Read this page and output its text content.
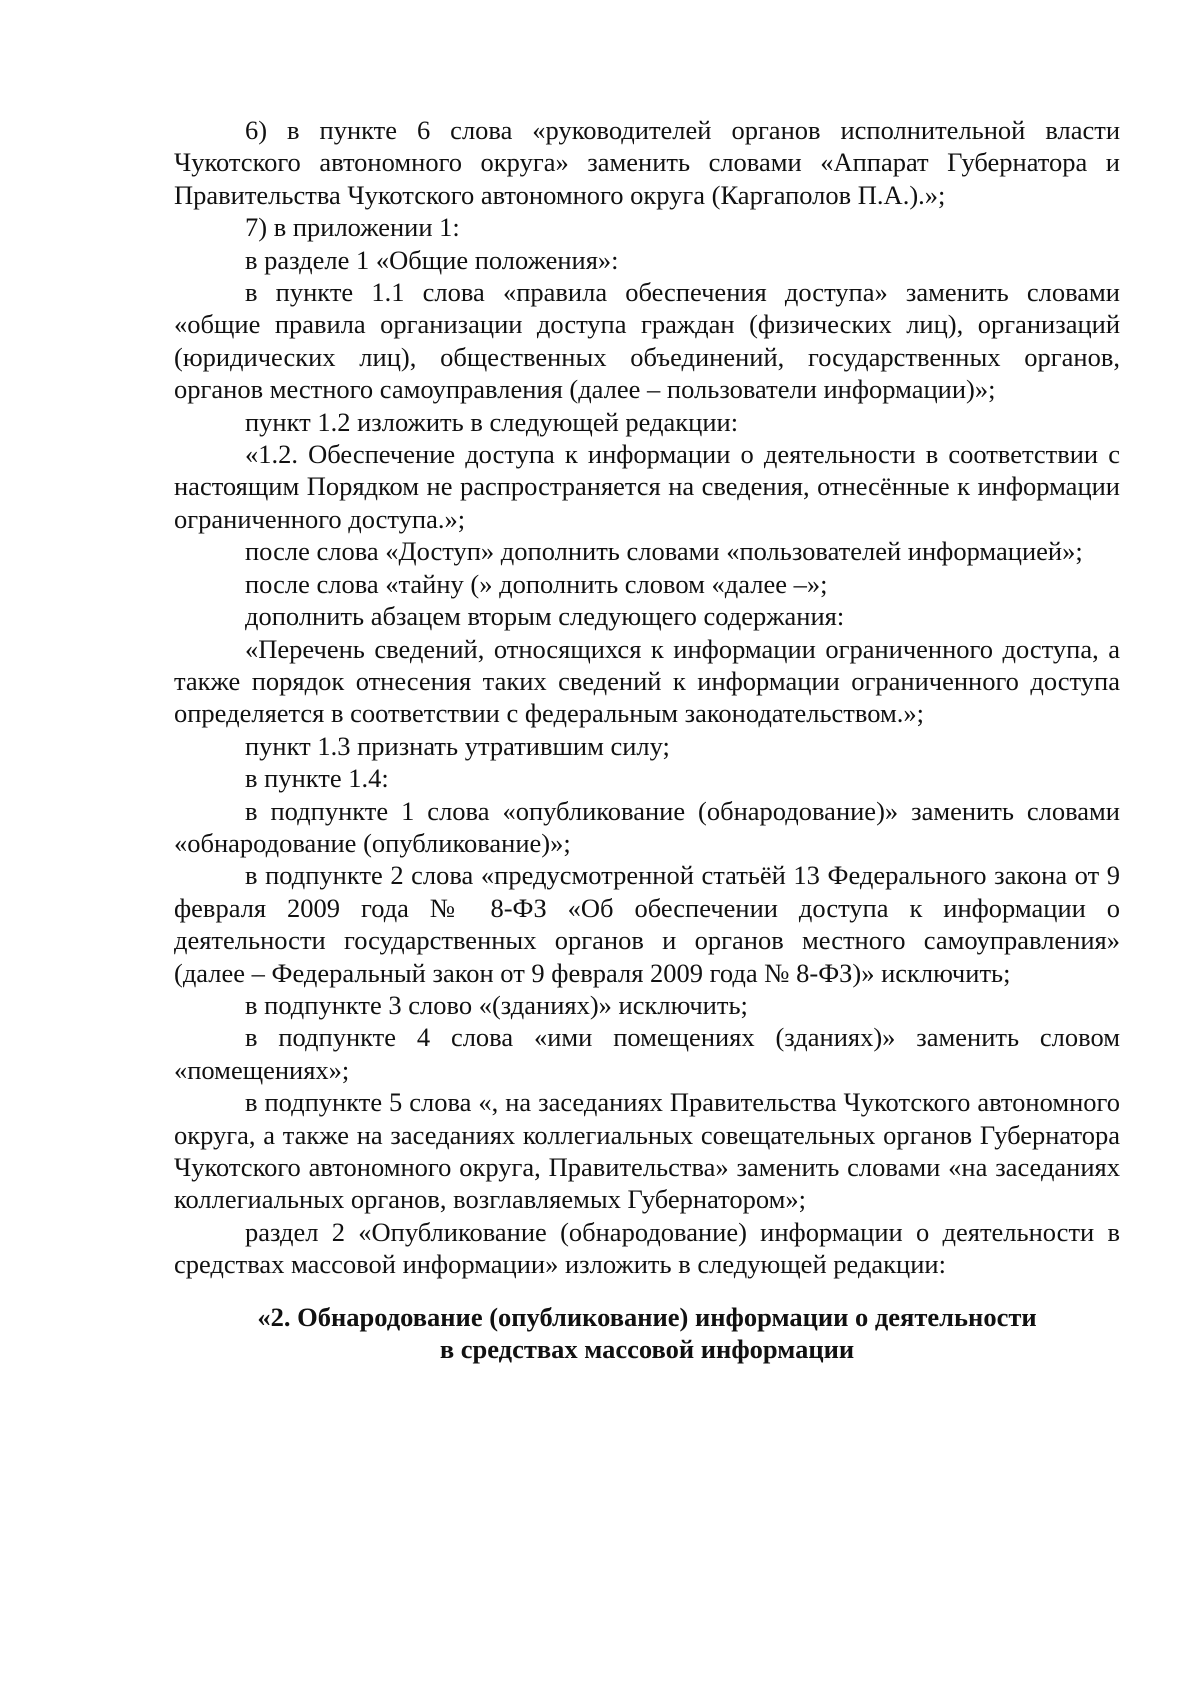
6) в пункте 6 слова «руководителей органов исполнительной власти Чукотского автономного округа» заменить словами «Аппарат Губернатора и Правительства Чукотского автономного округа (Каргаполов П.А.).»;

7) в приложении 1:

в разделе 1 «Общие положения»:

в пункте 1.1 слова «правила обеспечения доступа» заменить словами «общие правила организации доступа граждан (физических лиц), организаций (юридических лиц), общественных объединений, государственных органов, органов местного самоуправления (далее – пользователи информации)»;

пункт 1.2 изложить в следующей редакции:

«1.2. Обеспечение доступа к информации о деятельности в соответствии с настоящим Порядком не распространяется на сведения, отнесённые к информации ограниченного доступа.»;

после слова «Доступ» дополнить словами «пользователей информацией»;

после слова «тайну (» дополнить словом «далее –»;

дополнить абзацем вторым следующего содержания:

«Перечень сведений, относящихся к информации ограниченного доступа, а также порядок отнесения таких сведений к информации ограниченного доступа определяется в соответствии с федеральным законодательством.»;

пункт 1.3 признать утратившим силу;

в пункте 1.4:

в подпункте 1 слова «опубликование (обнародование)» заменить словами «обнародование (опубликование)»;

в подпункте 2 слова «предусмотренной статьёй 13 Федерального закона от 9 февраля 2009 года № 8-ФЗ «Об обеспечении доступа к информации о деятельности государственных органов и органов местного самоуправления» (далее – Федеральный закон от 9 февраля 2009 года № 8-ФЗ)» исключить;

в подпункте 3 слово «(зданиях)» исключить;

в подпункте 4 слова «ими помещениях (зданиях)» заменить словом «помещениях»;

в подпункте 5 слова «, на заседаниях Правительства Чукотского автономного округа, а также на заседаниях коллегиальных совещательных органов Губернатора Чукотского автономного округа, Правительства» заменить словами «на заседаниях коллегиальных органов, возглавляемых Губернатором»;

раздел 2 «Опубликование (обнародование) информации о деятельности в средствах массовой информации» изложить в следующей редакции:

«2. Обнародование (опубликование) информации о деятельности
в средствах массовой информации
